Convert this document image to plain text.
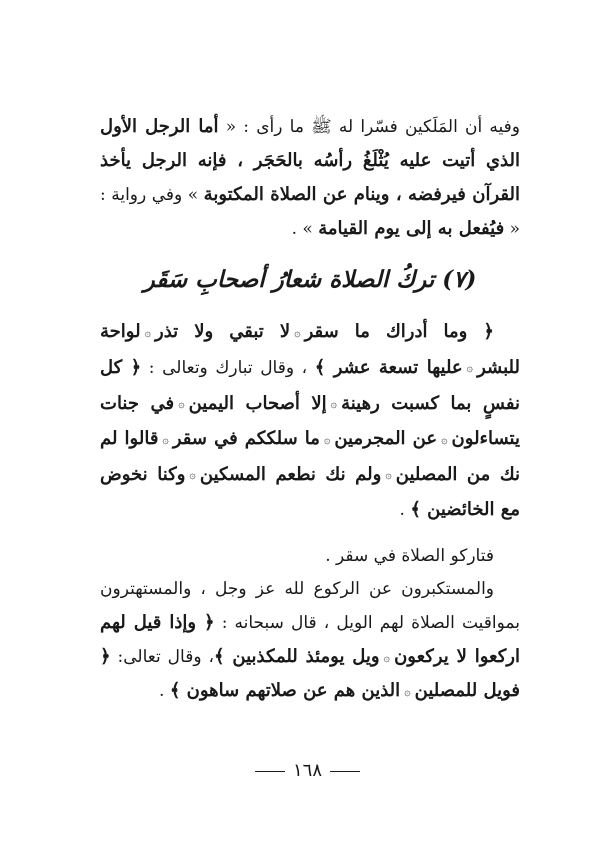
وفيه أن المَلَكين فسّرا له ﷺ ما رأى : « أما الرجل الأول الذي أتيت عليه يُثْلَغُ رأسُه بالحَجَر ، فإنه الرجل يأخذ القرآن فيرفضه ، وينام عن الصلاة المكتوبة » وفي رواية : « فيُفعل به إلى يوم القيامة » .

(٧) تركُ الصلاة شعارُ أصحابِ سَقَر

﴿ وما أدراك ما سقر۞لا تبقي ولا تذر۞لواحة للبشر۞عليها تسعة عشر ﴾ ، وقال تبارك وتعالى : ﴿ كل نفسٍ بما كسبت رهينة۞إلا أصحاب اليمين۞في جنات يتساءلون۞عن المجرمين۞ما سلككم في سقر۞قالوا لم نك من المصلين۞ولم نك نطعم المسكين۞وكنا نخوض مع الخائضين ﴾ .

فتاركو الصلاة في سقر .

والمستكبرون عن الركوع لله عز وجل ، والمستهترون بمواقيت الصلاة لهم الويل ، قال سبحانه : ﴿ وإذا قيل لهم اركعوا لا يركعون۞ويل يومئذ للمكذبين ﴾، وقال تعالى: ﴿ فويل للمصلين۞الذين هم عن صلاتهم ساهون ﴾ .

١٦٨
